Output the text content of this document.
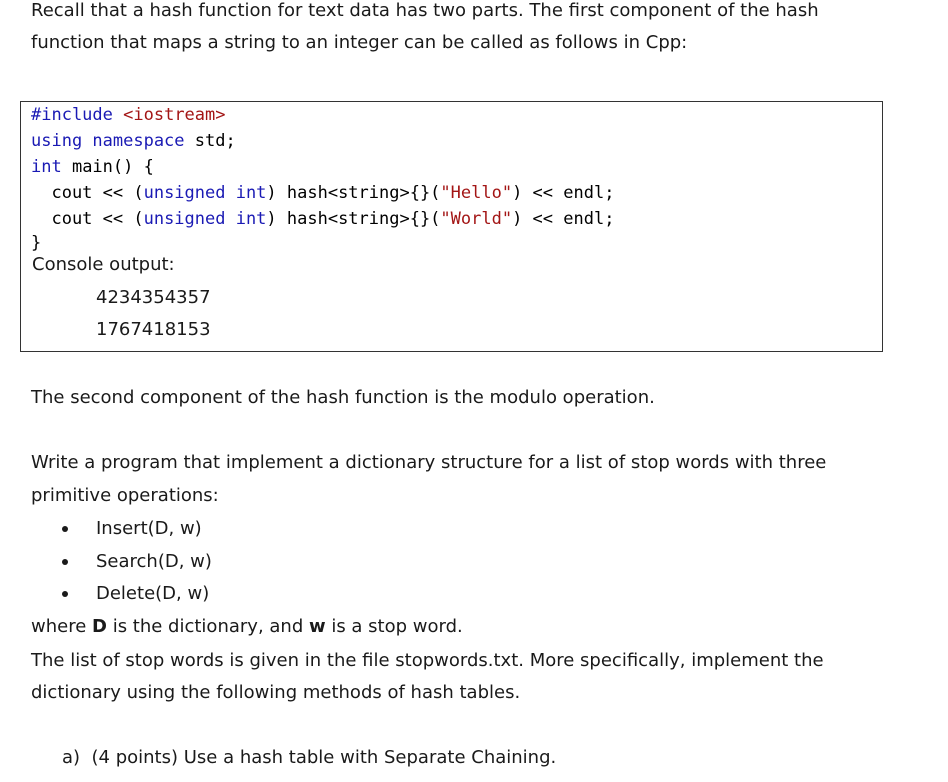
Recall that a hash function for text data has two parts. The first component of the hash
function that maps a string to an integer can be called as follows in Cpp:
#include <iostream>
using namespace std;
int main() {
cout << (unsigned int) hash<string>{}("Hello") << endl;
cout << (unsigned int) hash<string>{}("World") << endl;
}
Console output:
4234354357
1767418153
The second component of the hash function is the modulo operation.
Write a program that implement a dictionary structure for a list of stop words with three
primitive operations:
Insert(D, w)
Search(D, w)
Delete(D, w)
where D is the dictionary, and w is a stop word.
The list of stop words is given in the file stopwords.txt. More specifically, implement the
dictionary using the following methods of hash tables.
a) (4 points) Use a hash table with Separate Chaining.
